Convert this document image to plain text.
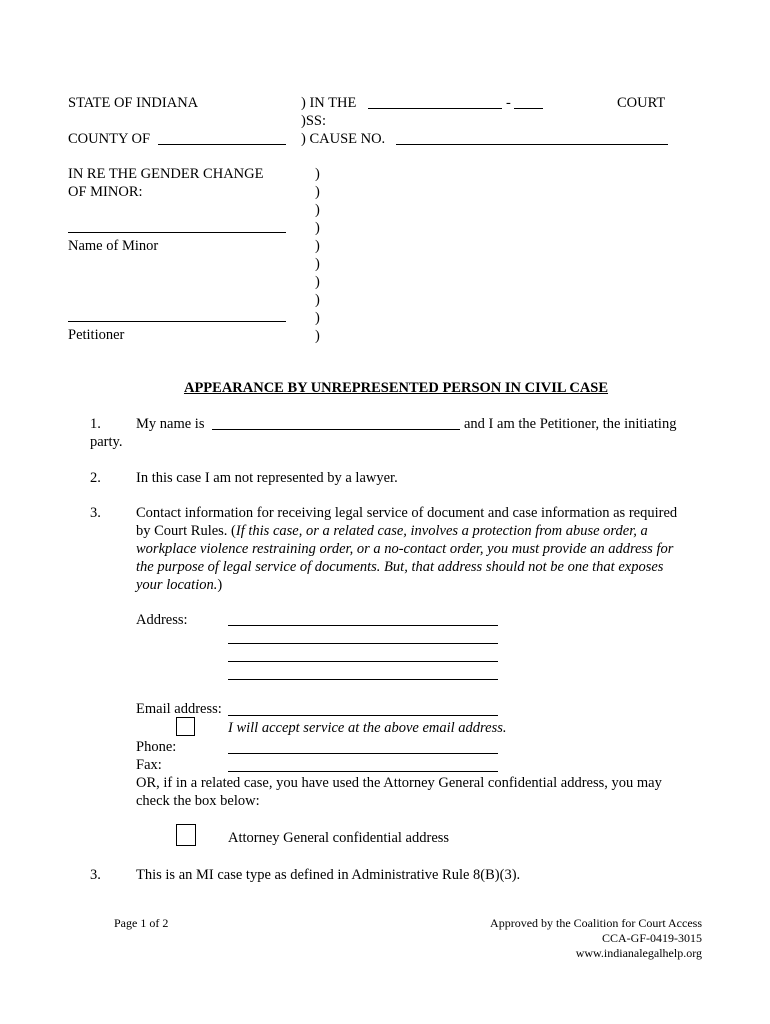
STATE OF INDIANA	) IN THE	-	COURT
)SS:
COUNTY OF	) CAUSE NO.
IN RE THE GENDER CHANGE
OF MINOR:
Name of Minor
Petitioner
)
)
)
)
)
)
)
)
)
)
APPEARANCE BY UNREPRESENTED PERSON IN CIVIL CASE
1. My name is	and I am the Petitioner, the initiating
party.
2. In this case I am not represented by a lawyer.
3. Contact information for receiving legal service of document and case information as required
by Court Rules. (If this case, or a related case, involves a protection from abuse order, a
workplace violence restraining order, or a no-contact order, you must provide an address for
the purpose of legal service of documents. But, that address should not be one that exposes
your location.)
Address:
Email address:
I will accept service at the above email address.
Phone:
Fax:
OR, if in a related case, you have used the Attorney General confidential address, you may
check the box below:
Attorney General confidential address
3. This is an MI case type as defined in Administrative Rule 8(B)(3).
Page 1 of 2	Approved by the Coalition for Court Access
CCA-GF-0419-3015
www.indianalegalhelp.org
